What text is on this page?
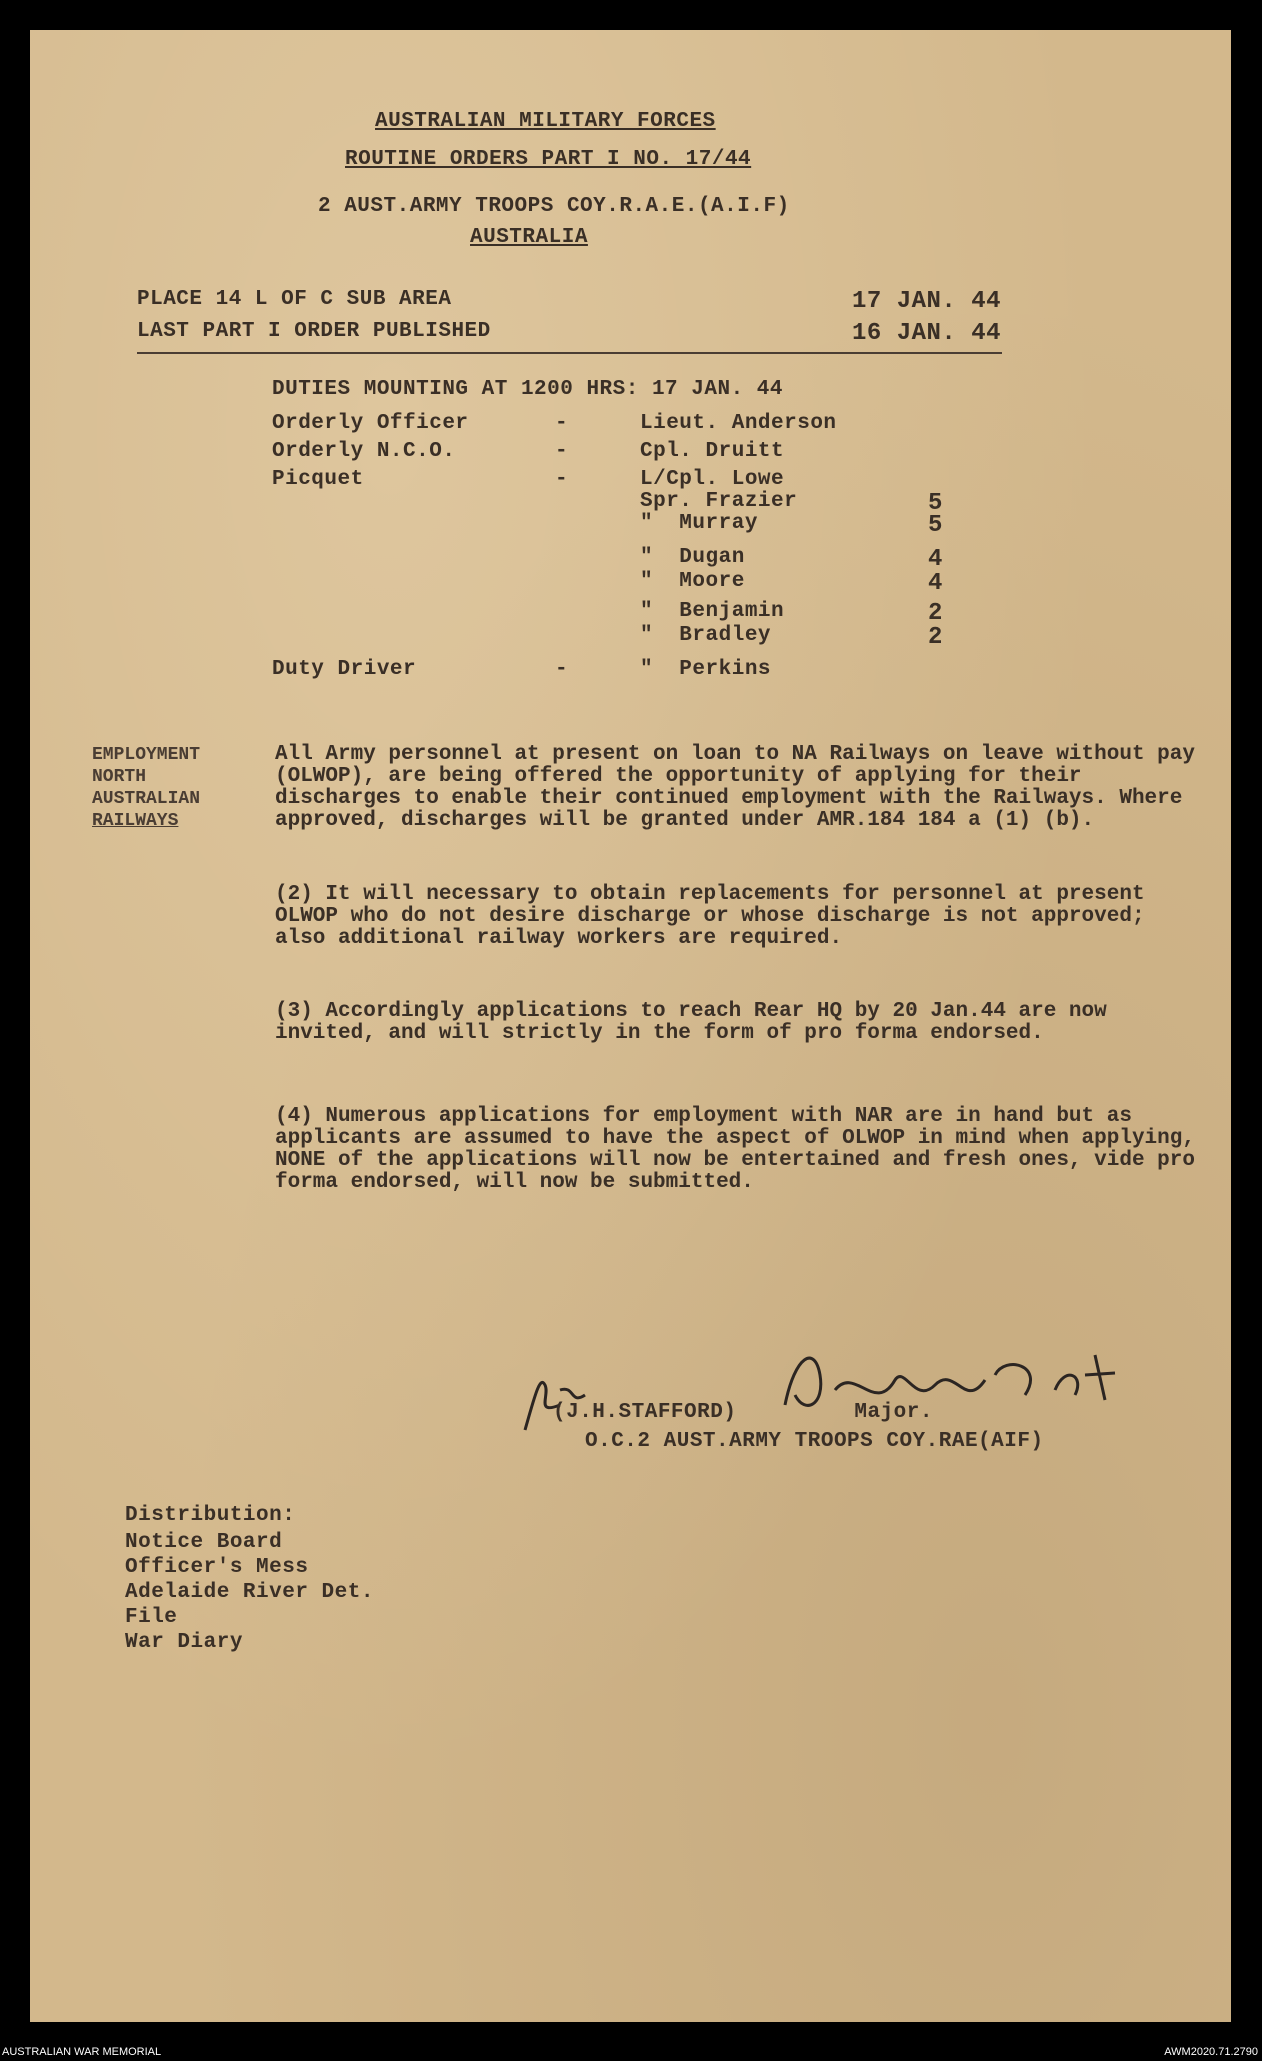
AUSTRALIAN MILITARY FORCES
ROUTINE ORDERS PART I NO. 17/44
2 AUST.ARMY TROOPS COY.R.A.E.(A.I.F)
AUSTRALIA
PLACE 14 L OF C SUB AREA	17 JAN. 44
LAST PART I ORDER PUBLISHED	16 JAN. 44
DUTIES MOUNTING AT 1200 HRS: 17 JAN. 44
Orderly Officer	-	Lieut. Anderson
Orderly N.C.O.	-	Cpl. Druitt
Picquet	-	L/Cpl. Lowe
Spr. Frazier	5
"  Murray	5
"  Dugan	4
"  Moore	4
"  Benjamin	2
"  Bradley	2
Duty Driver	-	"  Perkins
EMPLOYMENT
NORTH
AUSTRALIAN
RAILWAYS

All Army personnel at present on loan to NA Railways on leave without pay (OLWOP), are being offered the opportunity of applying for their discharges to enable their continued employment with the Railways. Where approved, discharges will be granted under AMR.184 184 a (1) (b).

(2) It will necessary to obtain replacements for personnel at present OLWOP who do not desire discharge or whose discharge is not approved; also additional railway workers are required.

(3) Accordingly applications to reach Rear HQ by 20 Jan.44 are now invited, and will strictly in the form of pro forma endorsed.

(4) Numerous applications for employment with NAR are in hand but as applicants are assumed to have the aspect of OLWOP in mind when applying, NONE of the applications will now be entertained and fresh ones, vide pro forma endorsed, will now be submitted.

(J.H.STAFFORD)         Major.
O.C.2 AUST.ARMY TROOPS COY.RAE(AIF)
Distribution:
Notice Board
Officer's Mess
Adelaide River Det.
File
War Diary
AUSTRALIAN WAR MEMORIAL	AWM2020.71.2790
